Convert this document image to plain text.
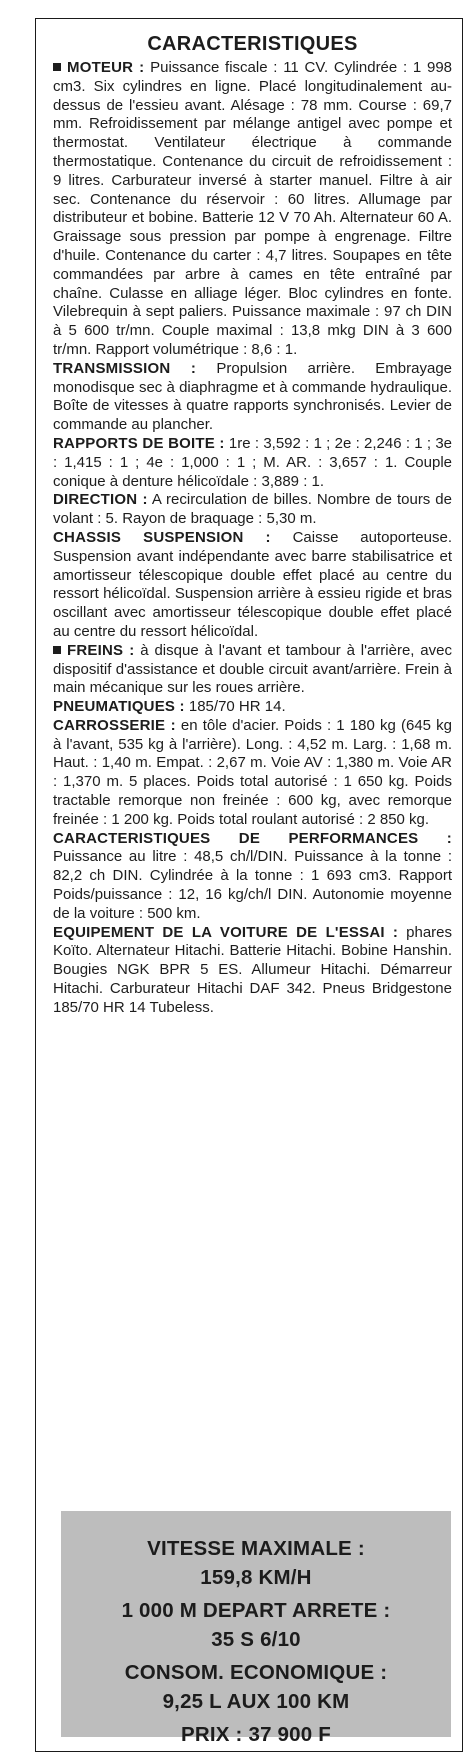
CARACTERISTIQUES

MOTEUR : Puissance fiscale : 11 CV. Cylindrée : 1 998 cm3. Six cylindres en ligne. Placé longitudinalement au-dessus de l'essieu avant. Alésage : 78 mm. Course : 69,7 mm. Refroidissement par mélange antigel avec pompe et thermostat. Ventilateur électrique à commande thermostatique. Contenance du circuit de refroidissement : 9 litres. Carburateur inversé à starter manuel. Filtre à air sec. Contenance du réservoir : 60 litres. Allumage par distributeur et bobine. Batterie 12 V 70 Ah. Alternateur 60 A. Graissage sous pression par pompe à engrenage. Filtre d'huile. Contenance du carter : 4,7 litres. Soupapes en tête commandées par arbre à cames en tête entraîné par chaîne. Culasse en alliage léger. Bloc cylindres en fonte. Vilebrequin à sept paliers. Puissance maximale : 97 ch DIN à 5 600 tr/mn. Couple maximal : 13,8 mkg DIN à 3 600 tr/mn. Rapport volumétrique : 8,6 : 1.

TRANSMISSION : Propulsion arrière. Embrayage monodisque sec à diaphragme et à commande hydraulique. Boîte de vitesses à quatre rapports synchronisés. Levier de commande au plancher.

RAPPORTS DE BOITE : 1re : 3,592 : 1 ; 2e : 2,246 : 1 ; 3e : 1,415 : 1 ; 4e : 1,000 : 1 ; M. AR. : 3,657 : 1. Couple conique à denture hélicoïdale : 3,889 : 1.

DIRECTION : A recirculation de billes. Nombre de tours de volant : 5. Rayon de braquage : 5,30 m.

CHASSIS SUSPENSION : Caisse autoporteuse. Suspension avant indépendante avec barre stabilisatrice et amortisseur télescopique double effet placé au centre du ressort hélicoïdal. Suspension arrière à essieu rigide et bras oscillant avec amortisseur télescopique double effet placé au centre du ressort hélicoïdal.

FREINS : à disque à l'avant et tambour à l'arrière, avec dispositif d'assistance et double circuit avant/arrière. Frein à main mécanique sur les roues arrière.

PNEUMATIQUES : 185/70 HR 14.

CARROSSERIE : en tôle d'acier. Poids : 1 180 kg (645 kg à l'avant, 535 kg à l'arrière). Long. : 4,52 m. Larg. : 1,68 m. Haut. : 1,40 m. Empat. : 2,67 m. Voie AV : 1,380 m. Voie AR : 1,370 m. 5 places. Poids total autorisé : 1 650 kg. Poids tractable remorque non freinée : 600 kg, avec remorque freinée : 1 200 kg. Poids total roulant autorisé : 2 850 kg.

CARACTERISTIQUES DE PERFORMANCES : Puissance au litre : 48,5 ch/l/DIN. Puissance à la tonne : 82,2 ch DIN. Cylindrée à la tonne : 1 693 cm3. Rapport Poids/puissance : 12, 16 kg/ch/l DIN. Autonomie moyenne de la voiture : 500 km.

EQUIPEMENT DE LA VOITURE DE L'ESSAI : phares Koïto. Alternateur Hitachi. Batterie Hitachi. Bobine Hanshin. Bougies NGK BPR 5 ES. Allumeur Hitachi. Démarreur Hitachi. Carburateur Hitachi DAF 342. Pneus Bridgestone 185/70 HR 14 Tubeless.

VITESSE MAXIMALE :
159,8 KM/H
1 000 M DEPART ARRETE :
35 S 6/10
CONSOM. ECONOMIQUE :
9,25 L AUX 100 KM
PRIX : 37 900 F
